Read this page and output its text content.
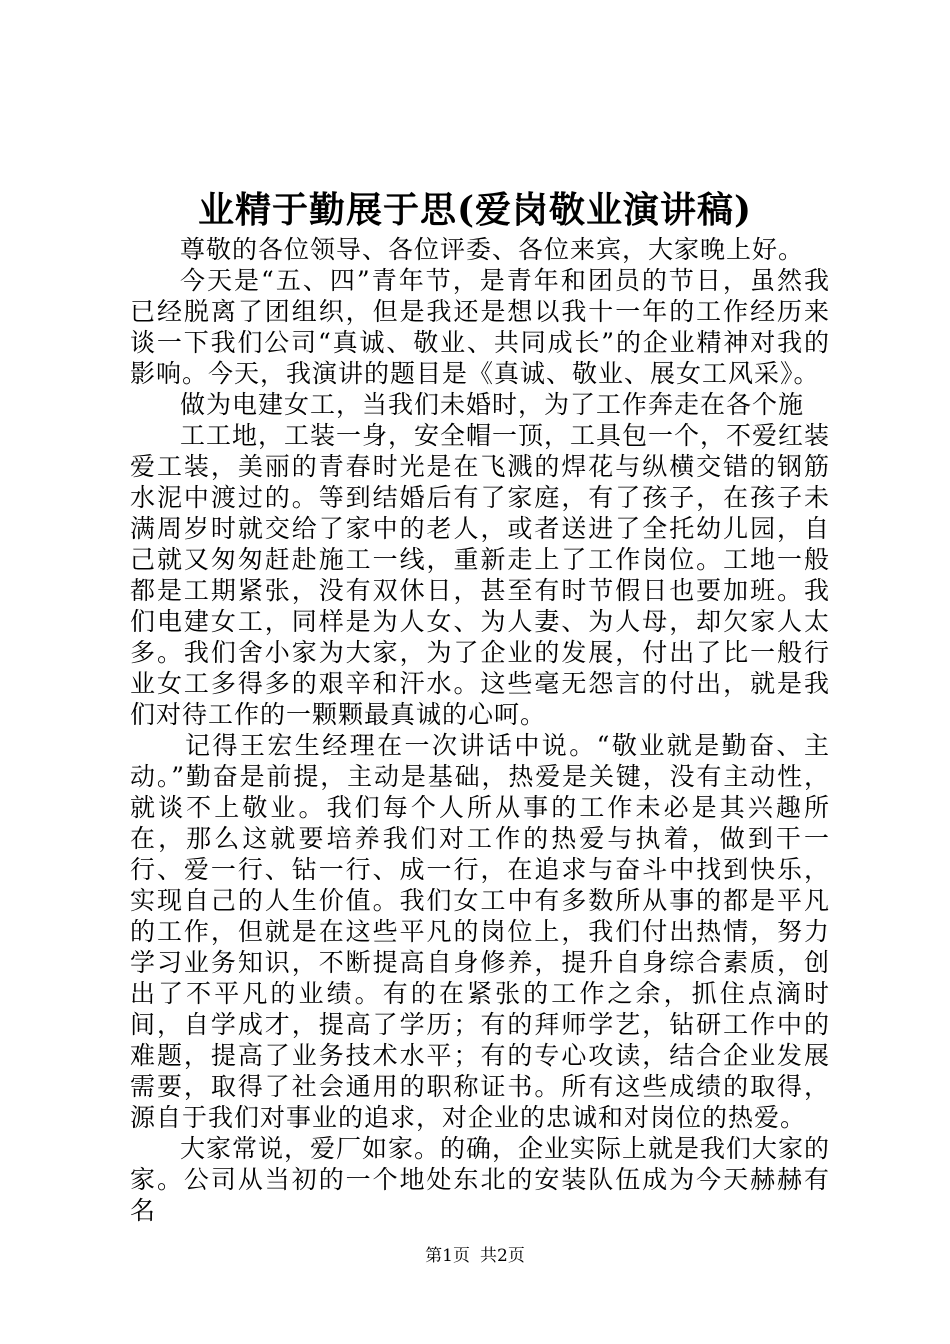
业精于勤展于思(爱岗敬业演讲稿)

尊敬的各位领导、各位评委、各位来宾，大家晚上好。

今天是“五、四”青年节，是青年和团员的节日，虽然我已经脱离了团组织，但是我还是想以我十一年的工作经历来谈一下我们公司“真诚、敬业、共同成长”的企业精神对我的影响。今天，我演讲的题目是《真诚、敬业、展女工风采》。

做为电建女工，当我们未婚时，为了工作奔走在各个施

工工地，工装一身，安全帽一顶，工具包一个，不爱红装爱工装，美丽的青春时光是在飞溅的焊花与纵横交错的钢筋水泥中渡过的。等到结婚后有了家庭，有了孩子，在孩子未满周岁时就交给了家中的老人，或者送进了全托幼儿园，自己就又匆匆赶赴施工一线，重新走上了工作岗位。工地一般都是工期紧张，没有双休日，甚至有时节假日也要加班。我们电建女工，同样是为人女、为人妻、为人母，却欠家人太多。我们舍小家为大家，为了企业的发展，付出了比一般行业女工多得多的艰辛和汗水。这些毫无怨言的付出，就是我们对待工作的一颗颗最真诚的心呵。

记得王宏生经理在一次讲话中说。“敬业就是勤奋、主动。”勤奋是前提，主动是基础，热爱是关键，没有主动性，就谈不上敬业。我们每个人所从事的工作未必是其兴趣所在，那么这就要培养我们对工作的热爱与执着，做到干一行、爱一行、钻一行、成一行，在追求与奋斗中找到快乐，实现自己的人生价值。我们女工中有多数所从事的都是平凡的工作，但就是在这些平凡的岗位上，我们付出热情，努力学习业务知识，不断提高自身修养，提升自身综合素质，创出了不平凡的业绩。有的在紧张的工作之余，抓住点滴时间，自学成才，提高了学历；有的拜师学艺，钻研工作中的难题，提高了业务技术水平；有的专心攻读，结合企业发展需要，取得了社会通用的职称证书。所有这些成绩的取得，源自于我们对事业的追求，对企业的忠诚和对岗位的热爱。

大家常说，爱厂如家。的确，企业实际上就是我们大家的家。公司从当初的一个地处东北的安装队伍成为今天赫赫有名

第1页 共2页
